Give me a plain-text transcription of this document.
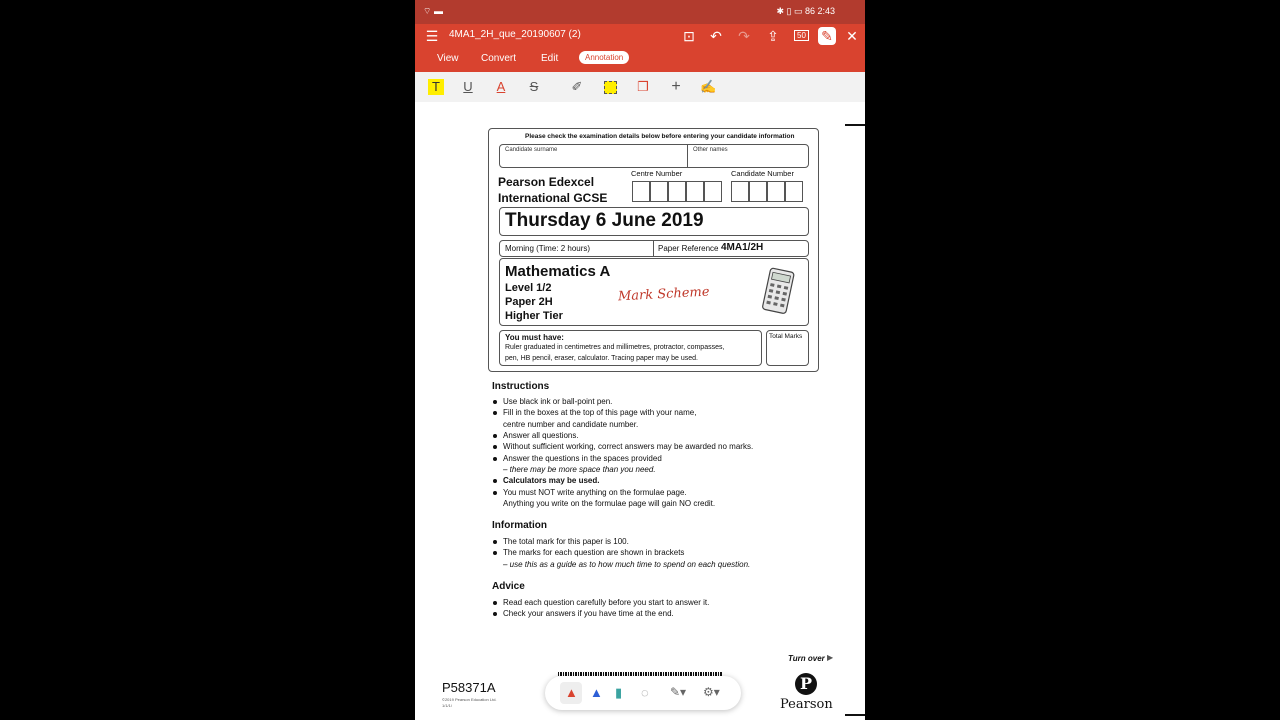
⌔ ▬	✱ ▯ ▭ 86 2:43
☰ 4MA1_2H_que_20190607 (2)	⊡ ↶ ↷ ⇪	50 ✎ ✕
View Convert Edit	Annotation
T	U A S	✐	❐ + ✍
Please check the examination details below before entering your candidate information
Candidate surname	Other names
Pearson Edexcel
International GCSE
Centre Number	Candidate Number
Thursday 6 June 2019
Morning (Time: 2 hours)	Paper Reference 4MA1/2H
Mathematics A
Level 1/2
Paper 2H
Higher Tier
Mark Scheme
You must have:
Ruler graduated in centimetres and millimetres, protractor, compasses,
pen, HB pencil, eraser, calculator. Tracing paper may be used.
Total Marks
Instructions
Use black ink or ball-point pen.
Fill in the boxes at the top of this page with your name,
centre number and candidate number.
Answer all questions.
Without sufficient working, correct answers may be awarded no marks.
Answer the questions in the spaces provided
– there may be more space than you need.
Calculators may be used.
You must NOT write anything on the formulae page.
Anything you write on the formulae page will gain NO credit.
Information
The total mark for this paper is 100.
The marks for each question are shown in brackets
– use this as a guide as to how much time to spend on each question.
Advice
Read each question carefully before you start to answer it.
Check your answers if you have time at the end.
Turn over ▶
P58371A
©2019 Pearson Education Ltd.
1/1/1/
P
Pearson
▲ ▲ ▮ ◌ ✎▾ ⚙▾
